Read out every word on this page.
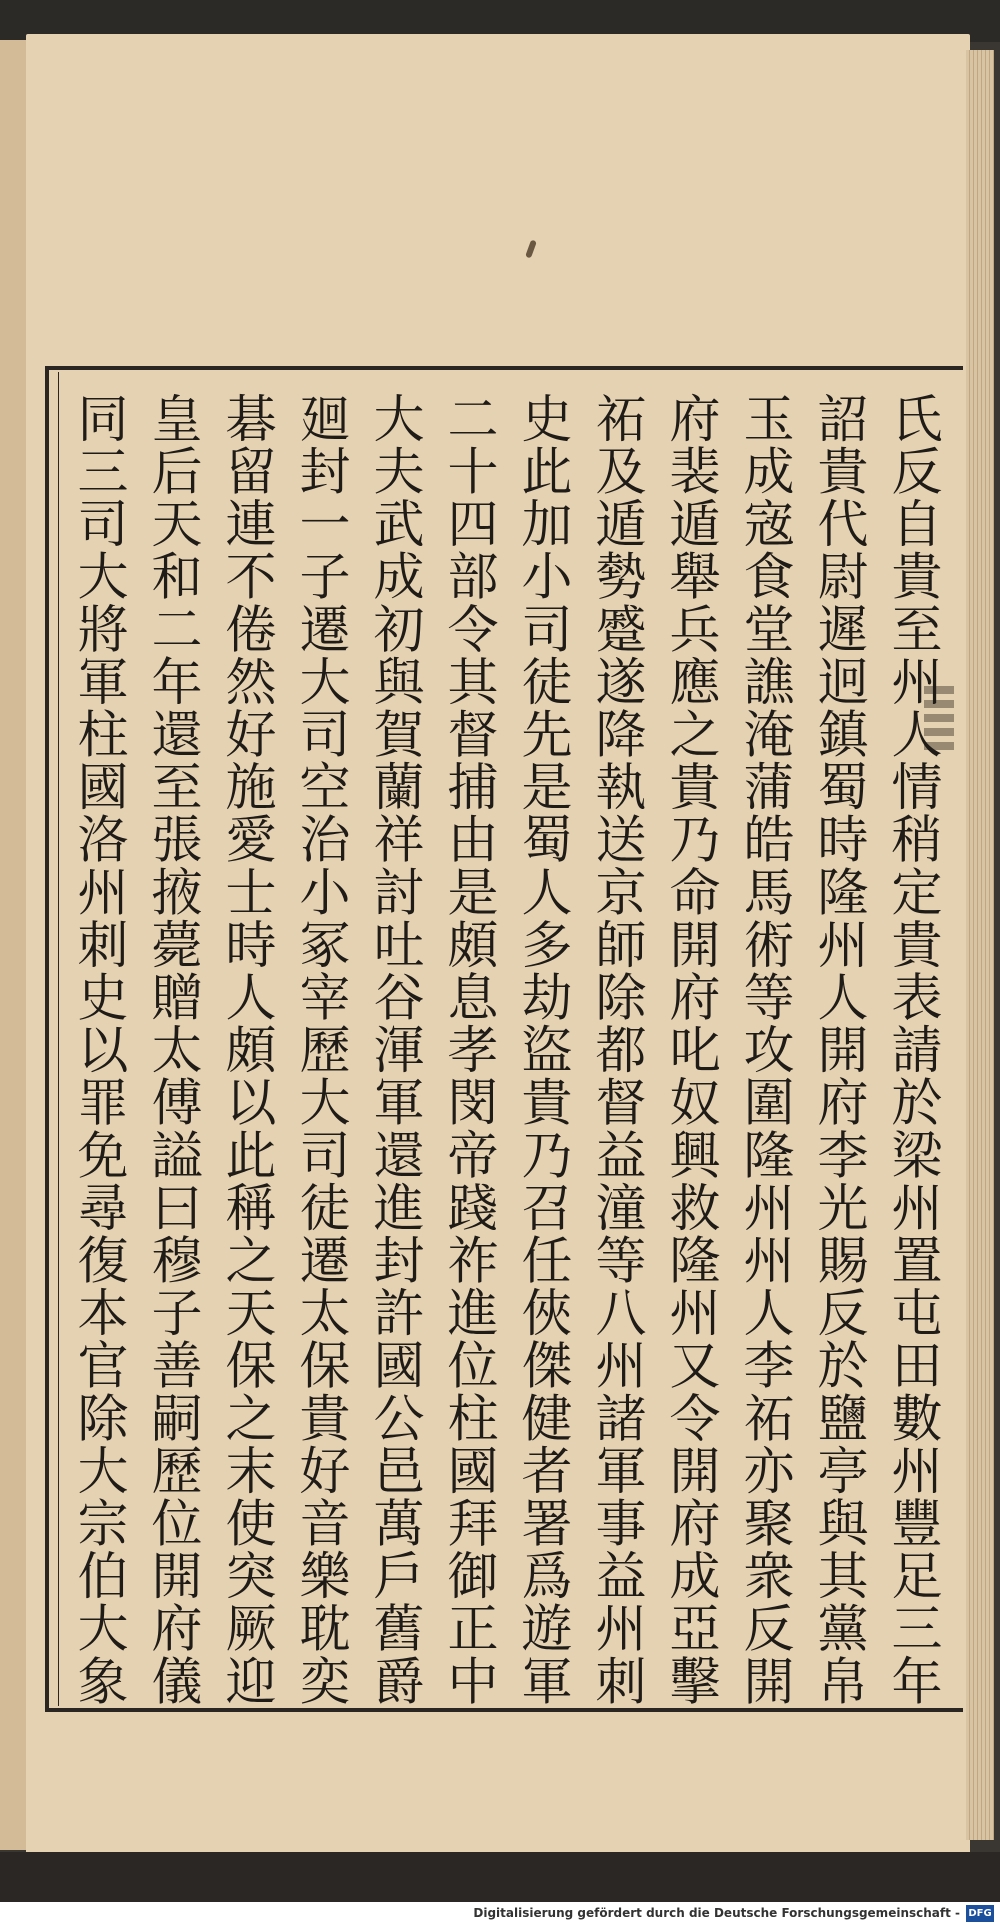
氏反自貴至州人情稍定貴表請於梁州置屯田數州豐足三年
詔貴代尉遲迥鎮蜀時隆州人開府李光賜反於鹽亭與其黨帛
玉成宼食堂譙淹蒲皓馬術等攻圍隆州州人李祏亦聚衆反開
府裴遁舉兵應之貴乃命開府叱奴興救隆州又令開府成亞擊
祏及遁勢蹙遂降執送京師除都督益潼等八州諸軍事益州刺
史此加小司徒先是蜀人多劫盜貴乃召任俠傑健者署爲遊軍
二十四部令其督捕由是頗息孝閔帝踐祚進位柱國拜御正中
大夫武成初與賀蘭祥討吐谷渾軍還進封許國公邑萬戶舊爵
廻封一子遷大司空治小冢宰歷大司徒遷太保貴好音樂耽奕
碁留連不倦然好施愛士時人頗以此稱之天保之末使突厥迎
皇后天和二年還至張掖薨贈太傅謚曰穆子善嗣歷位開府儀
同三司大將軍柱國洛州刺史以罪免尋復本官除大宗伯大象
Digitalisierung gefördert durch die Deutsche Forschungsgemeinschaft - DFG
